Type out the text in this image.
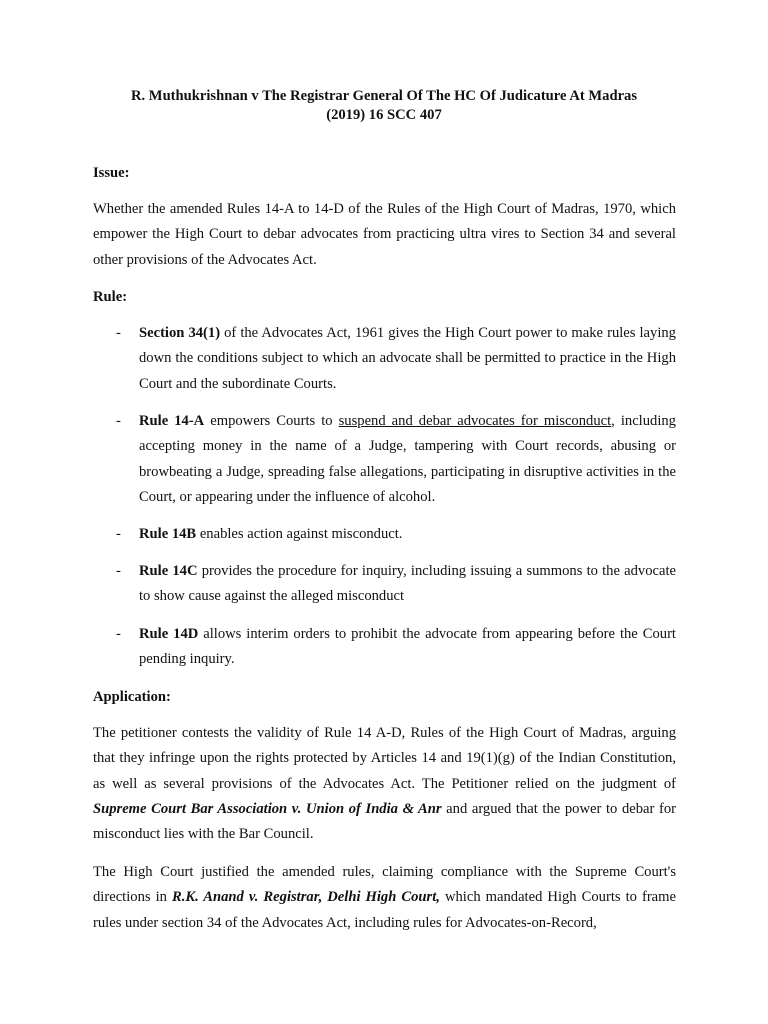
R. Muthukrishnan v The Registrar General Of The HC Of Judicature At Madras
(2019) 16 SCC 407
Issue:
Whether the amended Rules 14-A to 14-D of the Rules of the High Court of Madras, 1970, which empower the High Court to debar advocates from practicing ultra vires to Section 34 and several other provisions of the Advocates Act.
Rule:
- Section 34(1) of the Advocates Act, 1961 gives the High Court power to make rules laying down the conditions subject to which an advocate shall be permitted to practice in the High Court and the subordinate Courts.
- Rule 14-A empowers Courts to suspend and debar advocates for misconduct, including accepting money in the name of a Judge, tampering with Court records, abusing or browbeating a Judge, spreading false allegations, participating in disruptive activities in the Court, or appearing under the influence of alcohol.
- Rule 14B enables action against misconduct.
- Rule 14C provides the procedure for inquiry, including issuing a summons to the advocate to show cause against the alleged misconduct
- Rule 14D allows interim orders to prohibit the advocate from appearing before the Court pending inquiry.
Application:
The petitioner contests the validity of Rule 14 A-D, Rules of the High Court of Madras, arguing that they infringe upon the rights protected by Articles 14 and 19(1)(g) of the Indian Constitution, as well as several provisions of the Advocates Act. The Petitioner relied on the judgment of Supreme Court Bar Association v. Union of India & Anr and argued that the power to debar for misconduct lies with the Bar Council.
The High Court justified the amended rules, claiming compliance with the Supreme Court's directions in R.K. Anand v. Registrar, Delhi High Court, which mandated High Courts to frame rules under section 34 of the Advocates Act, including rules for Advocates-on-Record,
